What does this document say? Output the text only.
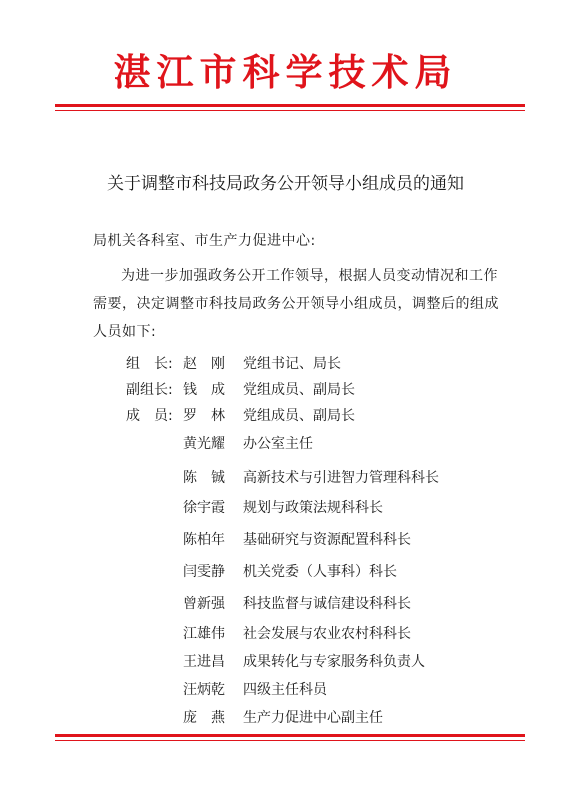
湛江市科学技术局
关于调整市科技局政务公开领导小组成员的通知
局机关各科室、市生产力促进中心:
为进一步加强政务公开工作领导，根据人员变动情况和工作需要，决定调整市科技局政务公开领导小组成员，调整后的组成人员如下:
组　长: 赵　刚	党组书记、局长
副组长: 钱　成	党组成员、副局长
成　员: 罗　林	党组成员、副局长
黄光耀	办公室主任
陈　铖	高新技术与引进智力管理科科长
徐宇霞	规划与政策法规科科长
陈柏年	基础研究与资源配置科科长
闫雯静	机关党委（人事科）科长
曾新强	科技监督与诚信建设科科长
江雄伟	社会发展与农业农村科科长
王进昌	成果转化与专家服务科负责人
汪炳乾	四级主任科员
庞　燕	生产力促进中心副主任
